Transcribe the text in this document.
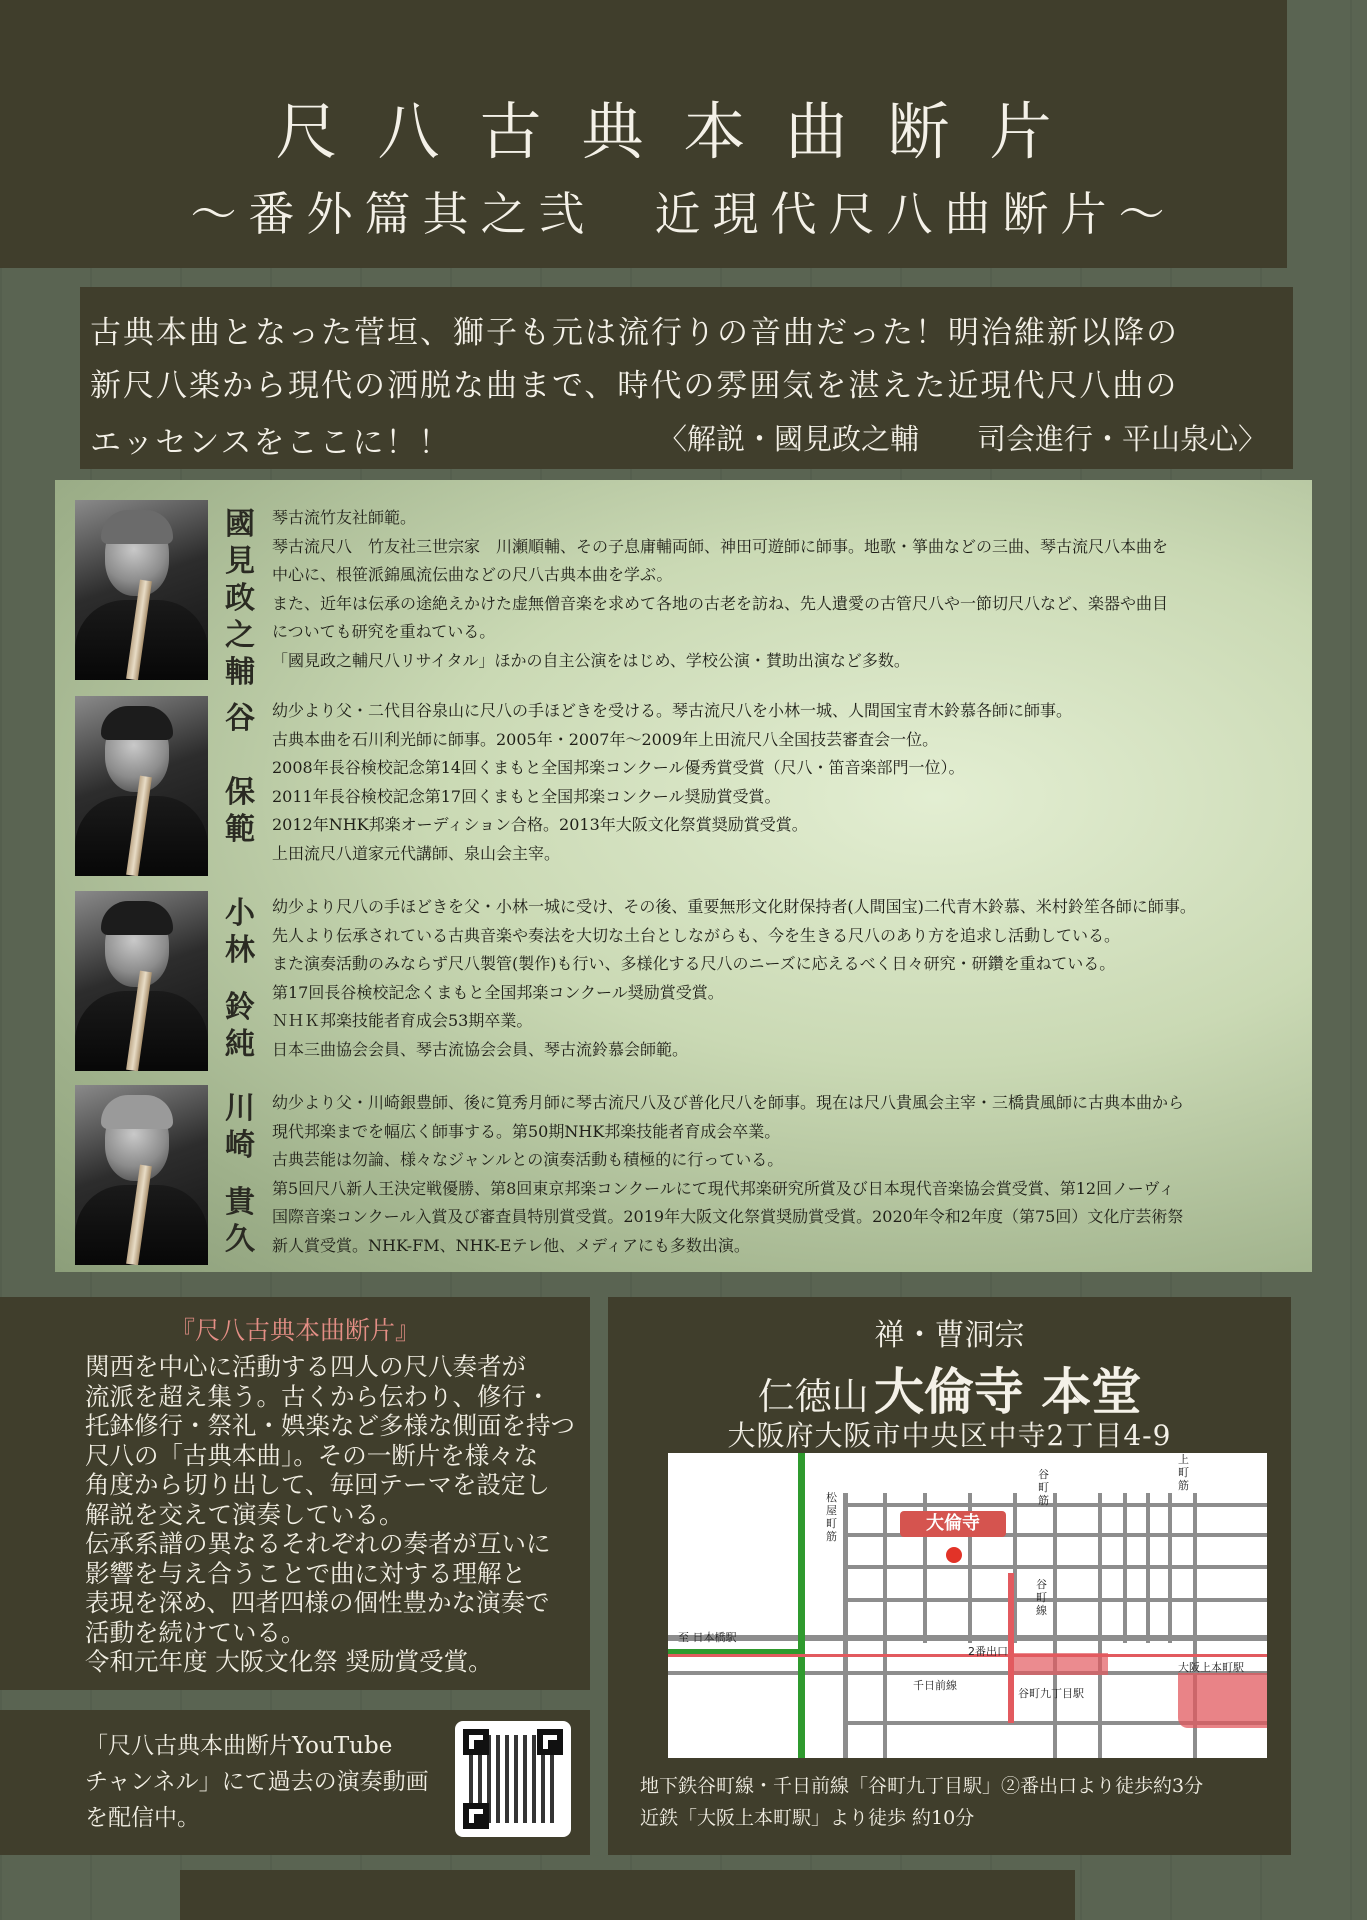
尺八古典本曲断片
〜番外篇其之弐　近現代尺八曲断片〜
古典本曲となった菅垣、獅子も元は流行りの音曲だった！明治維新以降の
新尺八楽から現代の洒脱な曲まで、時代の雰囲気を湛えた近現代尺八曲の
エッセンスをここに！！	〈解説・國見政之輔　　司会進行・平山泉心〉
國
見
政
之
輔
琴古流竹友社師範。
琴古流尺八　竹友社三世宗家　川瀬順輔、その子息庸輔両師、神田可遊師に師事。地歌・箏曲などの三曲、琴古流尺八本曲を
中心に、根笹派錦風流伝曲などの尺八古典本曲を学ぶ。
また、近年は伝承の途絶えかけた虚無僧音楽を求めて各地の古老を訪ね、先人遺愛の古管尺八や一節切尺八など、楽器や曲目
についても研究を重ねている。
「國見政之輔尺八リサイタル」ほかの自主公演をはじめ、学校公演・賛助出演など多数。
谷
保
範
幼少より父・二代目谷泉山に尺八の手ほどきを受ける。琴古流尺八を小林一城、人間国宝青木鈴慕各師に師事。
古典本曲を石川利光師に師事。2005年・2007年〜2009年上田流尺八全国技芸審査会一位。
2008年長谷検校記念第14回くまもと全国邦楽コンクール優秀賞受賞（尺八・笛音楽部門一位）。
2011年長谷検校記念第17回くまもと全国邦楽コンクール奨励賞受賞。
2012年NHK邦楽オーディション合格。2013年大阪文化祭賞奨励賞受賞。
上田流尺八道家元代講師、泉山会主宰。
小
林
鈴
純
幼少より尺八の手ほどきを父・小林一城に受け、その後、重要無形文化財保持者(人間国宝)二代青木鈴慕、米村鈴笙各師に師事。
先人より伝承されている古典音楽や奏法を大切な土台としながらも、今を生きる尺八のあり方を追求し活動している。
また演奏活動のみならず尺八製管(製作)も行い、多様化する尺八のニーズに応えるべく日々研究・研鑽を重ねている。
第17回長谷検校記念くまもと全国邦楽コンクール奨励賞受賞。
ＮＨＫ邦楽技能者育成会53期卒業。
日本三曲協会会員、琴古流協会会員、琴古流鈴慕会師範。
川
崎
貴
久
幼少より父・川崎銀豊師、後に筧秀月師に琴古流尺八及び普化尺八を師事。現在は尺八貴風会主宰・三橋貴風師に古典本曲から
現代邦楽までを幅広く師事する。第50期NHK邦楽技能者育成会卒業。
古典芸能は勿論、様々なジャンルとの演奏活動も積極的に行っている。
第5回尺八新人王決定戦優勝、第8回東京邦楽コンクールにて現代邦楽研究所賞及び日本現代音楽協会賞受賞、第12回ノーヴィ
国際音楽コンクール入賞及び審査員特別賞受賞。2019年大阪文化祭賞奨励賞受賞。2020年令和2年度（第75回）文化庁芸術祭
新人賞受賞。NHK-FM、NHK-Eテレ他、メディアにも多数出演。
『尺八古典本曲断片』
関西を中心に活動する四人の尺八奏者が
流派を超え集う。古くから伝わり、修行・
托鉢修行・祭礼・娯楽など多様な側面を持つ
尺八の「古典本曲」。その一断片を様々な
角度から切り出して、毎回テーマを設定し
解説を交えて演奏している。
伝承系譜の異なるそれぞれの奏者が互いに
影響を与え合うことで曲に対する理解と
表現を深め、四者四様の個性豊かな演奏で
活動を続けている。
令和元年度 大阪文化祭 奨励賞受賞。
「尺八古典本曲断片YouTube
チャンネル」にて過去の演奏動画
を配信中。
禅・曹洞宗
仁徳山 大倫寺 本堂
大阪府大阪市中央区中寺2丁目4-9
大倫寺
至 日本橋駅
松屋町筋
谷町筋
上町筋
谷町線
2番出口
千日前線
谷町九丁目駅
大阪上本町駅
地下鉄谷町線・千日前線「谷町九丁目駅」②番出口より徒歩約3分
近鉄「大阪上本町駅」より徒歩 約10分
